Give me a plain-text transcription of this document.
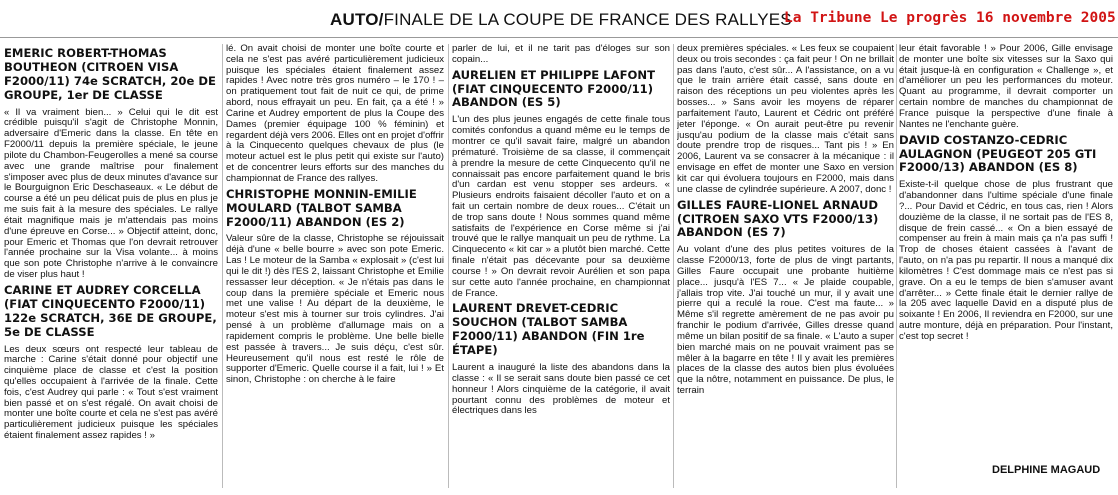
AUTO/FINALE DE LA COUPE DE FRANCE DES RALLYES
La Tribune Le progrès 16 novembre 2005
EMERIC ROBERT-THOMAS BOUTHEON (CITROEN VISA F2000/11) 74e SCRATCH, 20e DE GROUPE, 1er DE CLASSE

« Il va vraiment bien... » Celui qui le dit est crédible puisqu'il s'agit de Christophe Monnin, adversaire d'Emeric dans la classe. En tête en F2000/11 depuis la première spéciale, le jeune pilote du Chambon-Feugerolles a mené sa course avec une grande maîtrise pour finalement s'imposer avec plus de deux minutes d'avance sur le Bourguignon Eric Deschaseaux. « Le début de course a été un peu délicat puis de plus en plus je me suis fait à la mesure des spéciales. Le rallye était magnifique mais je m'attendais pas moins d'une épreuve en Corse... » Objectif atteint, donc, pour Emeric et Thomas que l'on devrait retrouver l'année prochaine sur la Visa volante... à moins que son pote Christophe n'arrive à le convaincre de viser plus haut !

CARINE ET AUDREY CORCELLA (FIAT CINQUECENTO F2000/11) 122e SCRATCH, 36E DE GROUPE, 5e DE CLASSE

Les deux sœurs ont respecté leur tableau de marche : Carine s'était donné pour objectif une cinquième place de classe et c'est la position qu'elles occupaient à l'arrivée de la finale. Cette fois, c'est Audrey qui parle : « Tout s'est vraiment bien passé et on s'est régalé. On avait choisi de monter une boîte courte et cela ne s'est pas avéré particulièrement judicieux puisque les spéciales étaient finalement assez rapides ! »

lé. On avait choisi de monter une boîte courte et cela ne s'est pas avéré particulièrement judicieux puisque les spéciales étaient finalement assez rapides ! Avec notre très gros numéro – le 170 ! – on pratiquement tout fait de nuit ce qui, de prime abord, nous effrayait un peu. En fait, ça a été ! » Carine et Audrey emportent de plus la Coupe des Dames (premier équipage 100 % féminin) et regardent déjà vers 2006. Elles ont en projet d'offrir à la Cinquecento quelques chevaux de plus (le moteur actuel est le plus petit qui existe sur l'auto) et de concentrer leurs efforts sur des manches du championnat de France des rallyes.

CHRISTOPHE MONNIN-EMILIE MOULARD (TALBOT SAMBA F2000/11) ABANDON (ES 2)

Valeur sûre de la classe, Christophe se réjouissait déjà d'une « belle bourre » avec son pote Emeric. Las ! Le moteur de la Samba « explosait » (c'est lui qui le dit !) dès l'ES 2, laissant Christophe et Emilie ressasser leur déception. « Je n'étais pas dans le coup dans la première spéciale et Emeric nous met une valise ! Au départ de la deuxième, le moteur s'est mis à tourner sur trois cylindres. J'ai pensé à un problème d'allumage mais on a rapidement compris le problème. Une belle bielle est passée à travers... Je suis déçu, c'est sûr. Heureusement qu'il nous est resté le rôle de supporter d'Emeric. Quelle course il a fait, lui ! » Et sinon, Christophe : on cherche à le faire

parler de lui, et il ne tarit pas d'éloges sur son copain...

AURELIEN ET PHILIPPE LAFONT (FIAT CINQUECENTO F2000/11) ABANDON (ES 5)

L'un des plus jeunes engagés de cette finale tous comités confondus a quand même eu le temps de montrer ce qu'il savait faire, malgré un abandon prématuré. Troisième de sa classe, il commençait à prendre la mesure de cette Cinquecento qu'il ne connaissait pas encore parfaitement quand le bris d'un cardan est venu stopper ses ardeurs. « Plusieurs endroits faisaient décoller l'auto et on a fait un certain nombre de deux roues... C'était un de trop sans doute ! Nous sommes quand même satisfaits de l'expérience en Corse même si j'ai trouvé que le rallye manquait un peu de rythme. La Cinquecento « kit car » a plutôt bien marché. Cette finale n'était pas décevante pour sa deuxième course ! » On devrait revoir Aurélien et son papa sur cette auto l'année prochaine, en championnat de France.

LAURENT DREVET-CEDRIC SOUCHON (TALBOT SAMBA F2000/11) ABANDON (FIN 1re ÉTAPE)

Laurent a inauguré la liste des abandons dans la classe : « Il se serait sans doute bien passé ce cet honneur ! Alors cinquième de la catégorie, il avait pourtant connu des problèmes de moteur et électriques dans les

deux premières spéciales. « Les feux se coupaient deux ou trois secondes : ça fait peur ! On ne brillait pas dans l'auto, c'est sûr... A l'assistance, on a vu que le train arrière était cassé, sans doute en raison des réceptions un peu violentes après les bosses... » Sans avoir les moyens de réparer parfaitement l'auto, Laurent et Cédric ont préféré jeter l'éponge. « On aurait peut-être pu revenir jusqu'au podium de la classe mais c'était sans doute prendre trop de risques... Tant pis ! » En 2006, Laurent va se consacrer à la mécanique : il envisage en effet de monter une Saxo en version kit car qui évoluera toujours en F2000, mais dans une classe de cylindrée supérieure. A 2007, donc !

GILLES FAURE-LIONEL ARNAUD (CITROEN SAXO VTS F2000/13) ABANDON (ES 7)

Au volant d'une des plus petites voitures de la classe F2000/13, forte de plus de vingt partants, Gilles Faure occupait une probante huitième place... jusqu'à l'ES 7... « Je plaide coupable, j'allais trop vite. J'ai touché un mur, il y avait une pierre qui a reculé la roue. C'est ma faute... » Même s'il regrette amèrement de ne pas avoir pu franchir le podium d'arrivée, Gilles dresse quand même un bilan positif de sa finale. « L'auto a super bien marché mais on ne pouvait vraiment pas se mêler à la bagarre en tête ! Il y avait les premières places de la classe des autos bien plus évoluées que la nôtre, notamment en puissance. De plus, le terrain

leur était favorable ! » Pour 2006, Gille envisage de monter une boîte six vitesses sur la Saxo qui était jusque-là en configuration « Challenge », et d'améliorer un peu les performances du moteur. Quant au programme, il devrait comporter un certain nombre de manches du championnat de France puisque la perspective d'une finale à Nantes ne l'enchante guère.

DAVID COSTANZO-CEDRIC AULAGNON (PEUGEOT 205 GTI F2000/13) ABANDON (ES 8)

Existe-t-il quelque chose de plus frustrant que d'abandonner dans l'ultime spéciale d'une finale ?... Pour David et Cédric, en tous cas, rien ! Alors douzième de la classe, il ne sortait pas de l'ES 8, disque de frein cassé... « On a bien essayé de compenser au frein à main mais ça n'a pas suffi ! Trop de choses étaient cassées à l'avant de l'auto, on n'a pas pu repartir. Il nous a manqué dix kilomètres ! C'est dommage mais ce n'est pas si grave. On a eu le temps de bien s'amuser avant d'arrêter... » Cette finale était le dernier rallye de la 205 avec laquelle David en a disputé plus de soixante ! En 2006, Il reviendra en F2000, sur une autre monture, déjà en préparation. Pour l'instant, c'est top secret !

DELPHINE MAGAUD
